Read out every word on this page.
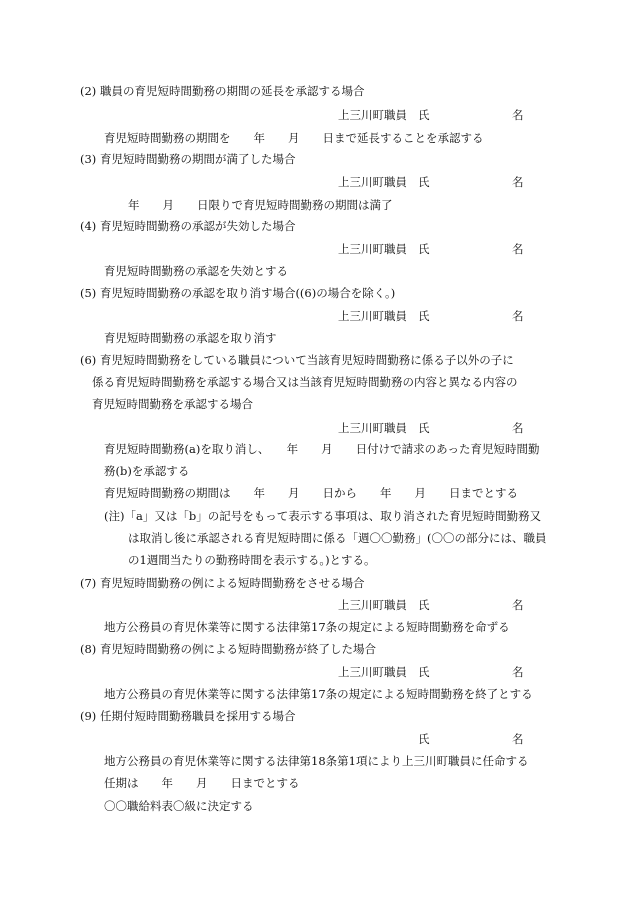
(2) 職員の育児短時間勤務の期間の延長を承認する場合
上三川町職員 氏	名
育児短時間勤務の期間を　　年　　月　　日まで延長することを承認する
(3) 育児短時間勤務の期間が満了した場合
上三川町職員 氏	名
年　　月　　日限りで育児短時間勤務の期間は満了
(4) 育児短時間勤務の承認が失効した場合
上三川町職員 氏	名
育児短時間勤務の承認を失効とする
(5) 育児短時間勤務の承認を取り消す場合((6)の場合を除く。)
上三川町職員 氏	名
育児短時間勤務の承認を取り消す
(6) 育児短時間勤務をしている職員について当該育児短時間勤務に係る子以外の子に
係る育児短時間勤務を承認する場合又は当該育児短時間勤務の内容と異なる内容の
育児短時間勤務を承認する場合
上三川町職員 氏	名
育児短時間勤務(a)を取り消し、　　年　　月　　日付けで請求のあった育児短時間勤
務(b)を承認する
育児短時間勤務の期間は　　年　　月　　日から　　年　　月　　日までとする
(注)「a」又は「b」の記号をもって表示する事項は、取り消された育児短時間勤務又
は取消し後に承認される育児短時間に係る「週〇〇勤務」(〇〇の部分には、職員
の1週間当たりの勤務時間を表示する。)とする。
(7) 育児短時間勤務の例による短時間勤務をさせる場合
上三川町職員 氏	名
地方公務員の育児休業等に関する法律第17条の規定による短時間勤務を命ずる
(8) 育児短時間勤務の例による短時間勤務が終了した場合
上三川町職員 氏	名
地方公務員の育児休業等に関する法律第17条の規定による短時間勤務を終了とする
(9) 任期付短時間勤務職員を採用する場合
氏	名
地方公務員の育児休業等に関する法律第18条第1項により上三川町職員に任命する
任期は　　年　　月　　日までとする
〇〇職給料表〇級に決定する
